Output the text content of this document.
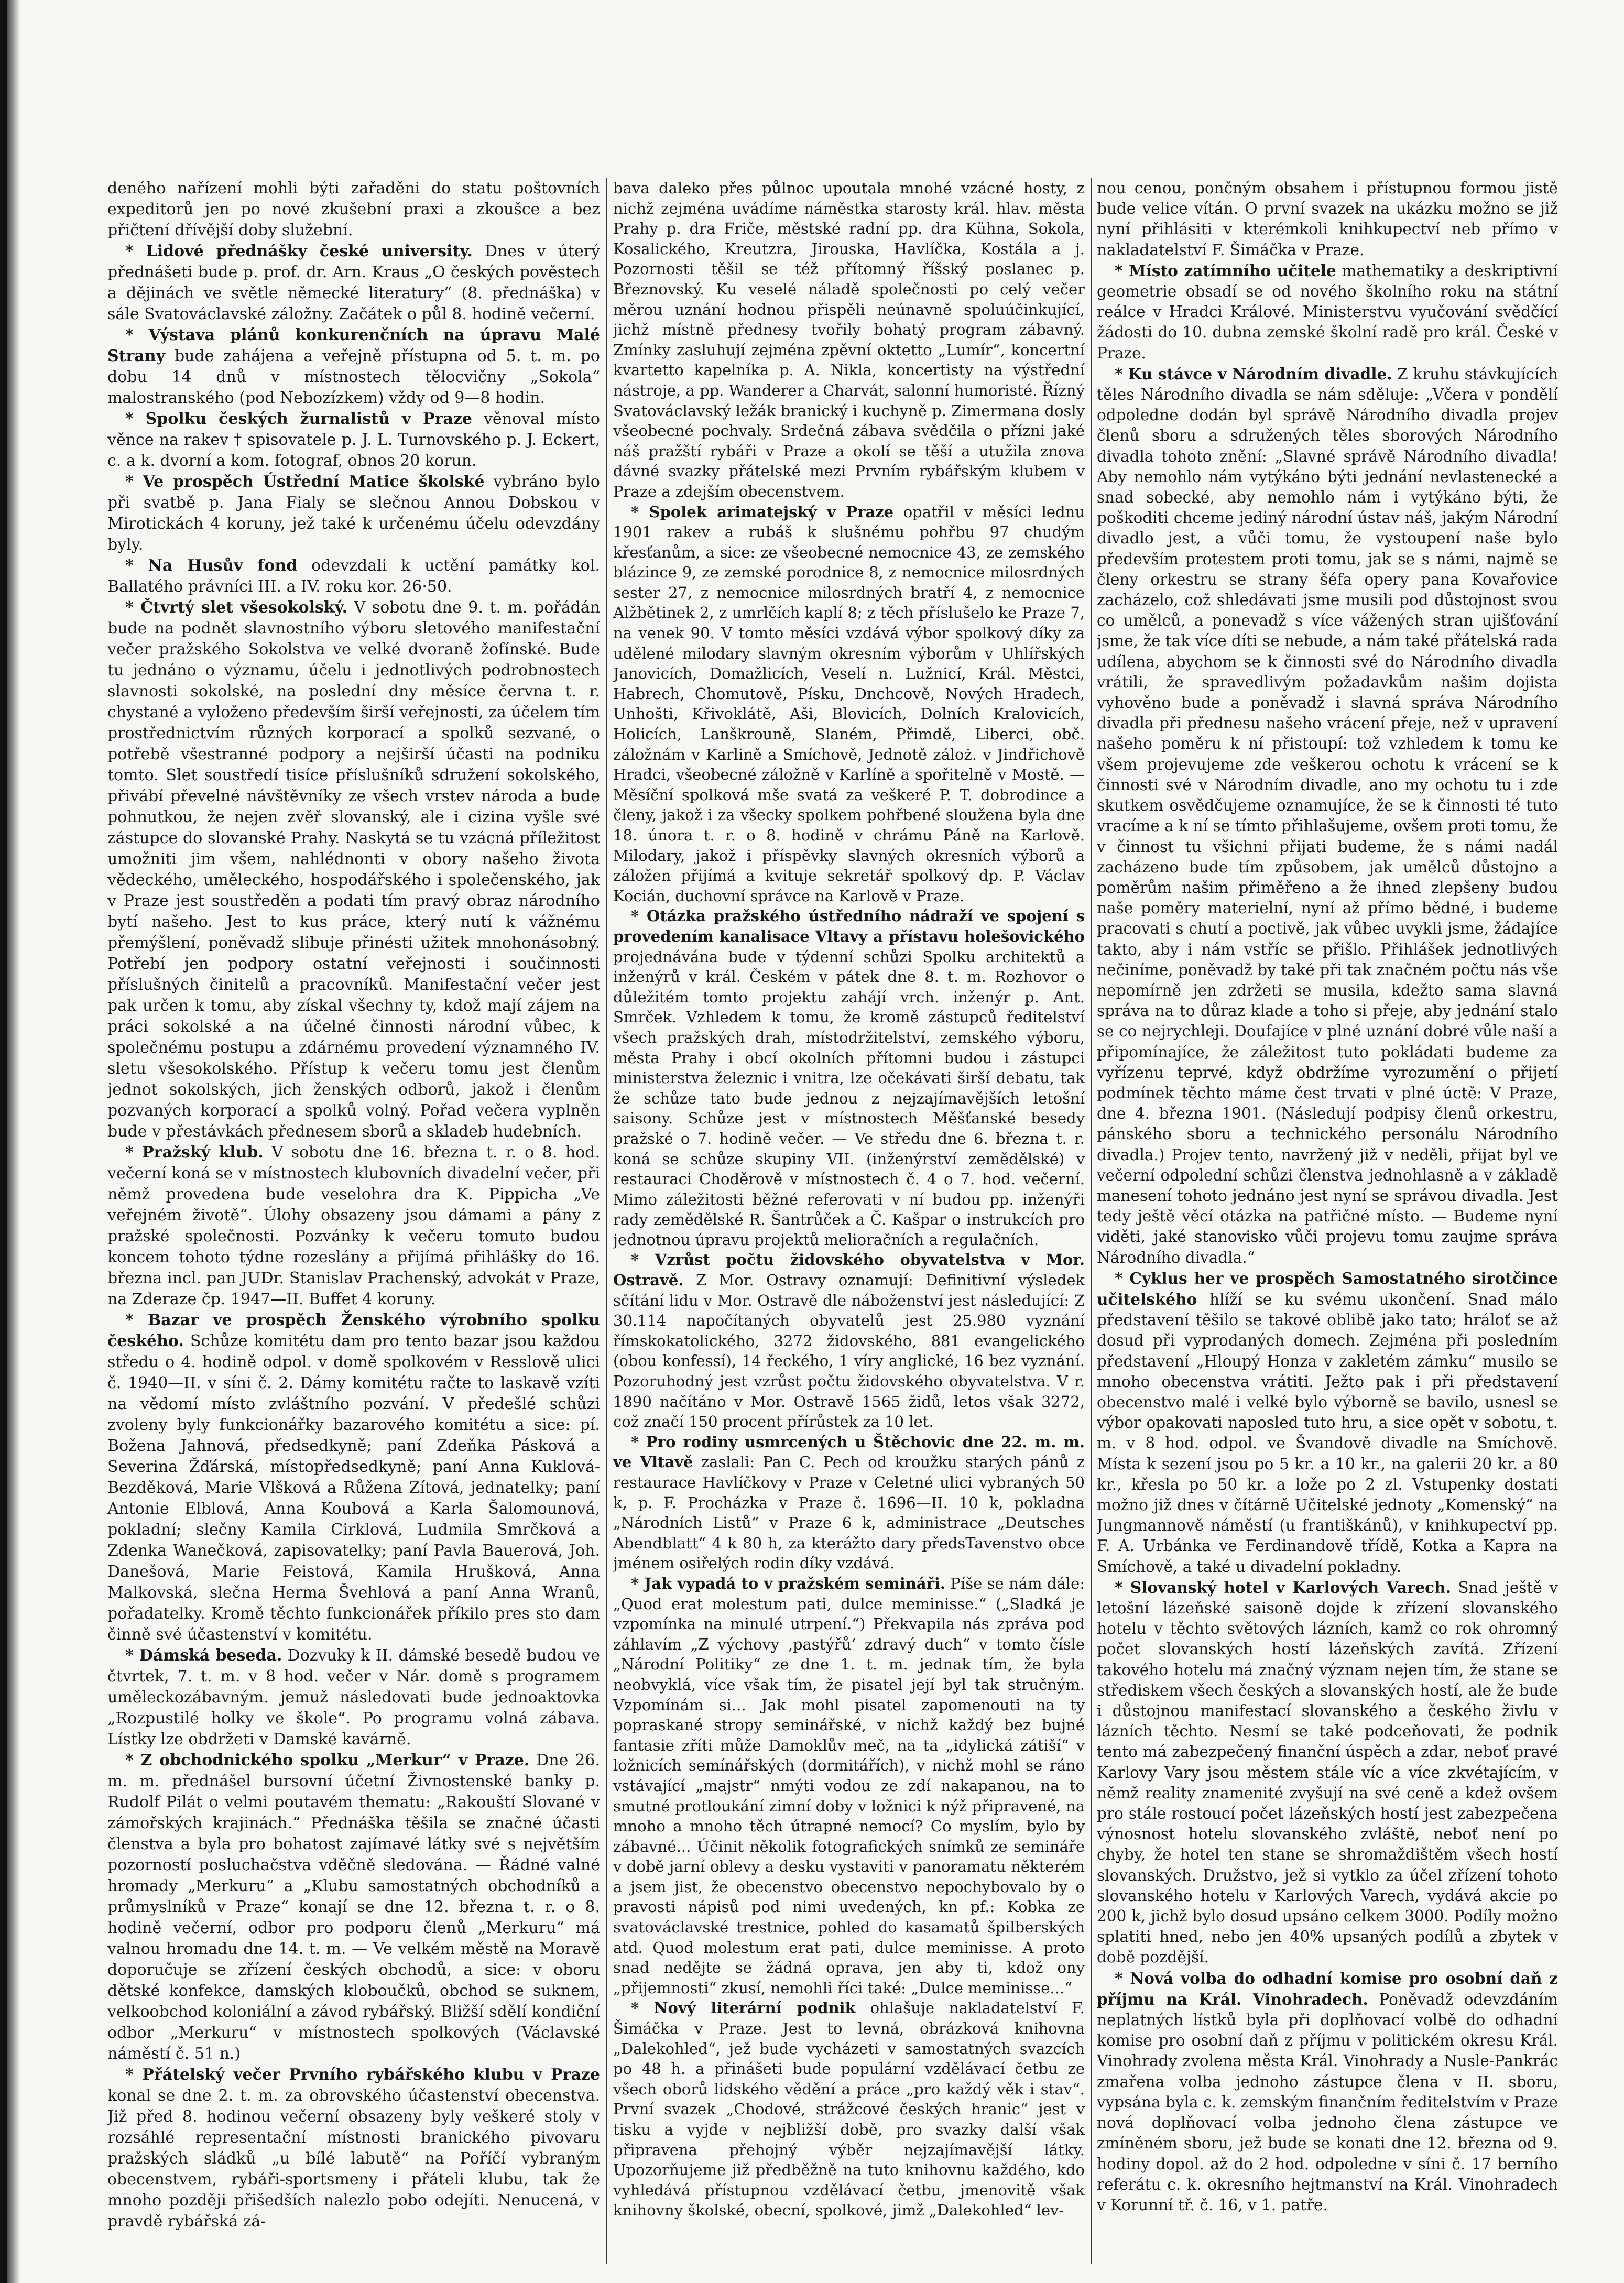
deného nařízení mohli býti zařaděni do statu poštovních expeditorů jen po nové zkušební praxi a zkoušce a bez přičtení dřívější doby služební.

* Lidové přednášky české university. Dnes v úterý přednášeti bude p. prof. dr. Arn. Kraus „O českých pověstech a dějinách ve světle německé literatury“ (8. přednáška) v sále Svatováclavské záložny. Začátek o půl 8. hodině večerní.

* Výstava plánů konkurenčních na úpravu Malé Strany bude zahájena a veřejně přístupna od 5. t. m. po dobu 14 dnů v místnostech tělocvičny „Sokola“ malostranského (pod Nebozízkem) vždy od 9—8 hodin.

* Spolku českých žurnalistů v Praze věnoval místo věnce na rakev † spisovatele p. J. L. Turnovského p. J. Eckert, c. a k. dvorní a kom. fotograf, obnos 20 korun.

* Ve prospěch Ústřední Matice školské vybráno bylo při svatbě p. Jana Fialy se slečnou Annou Dobskou v Mirotickách 4 koruny, jež také k určenému účelu odevzdány byly.

* Na Husův fond odevzdali k uctění památky kol. Ballatého právníci III. a IV. roku kor. 26·50.

* Čtvrtý slet všesokolský. V sobotu dne 9. t. m. pořádán bude na podnět slavnostního výboru sletového manifestační večer pražského Sokolstva ve velké dvoraně žofínské. Bude tu jednáno o významu, účelu i jednotlivých podrobnostech slavnosti sokolské, na poslední dny měsíce června t. r. chystané a vyloženo především širší veřejnosti, za účelem tím prostřednictvím různých korporací a spolků sezvané, o potřebě všestranné podpory a nejširší účasti na podniku tomto. Slet soustředí tisíce příslušníků sdružení sokolského, přivábí převelné návštěvníky ze všech vrstev národa a bude pohnutkou, že nejen zvěř slovanský, ale i cizina vyšle své zástupce do slovanské Prahy. Naskytá se tu vzácná příležitost umožniti jim všem, nahlédnonti v obory našeho života vědeckého, uměleckého, hospodářského i společenského, jak v Praze jest soustředěn a podati tím pravý obraz národního bytí našeho. Jest to kus práce, který nutí k vážnému přemýšlení, poněvadž slibuje přinésti užitek mnohonásobný. Potřebí jen podpory ostatní veřejnosti i součinnosti příslušných činitelů a pracovníků. Manifestační večer jest pak určen k tomu, aby získal všechny ty, kdož mají zájem na práci sokolské a na účelné činnosti národní vůbec, k společnému postupu a zdárnému provedení významného IV. sletu všesokolského. Přístup k večeru tomu jest členům jednot sokolských, jich ženských odborů, jakož i členům pozvaných korporací a spolků volný. Pořad večera vyplněn bude v přestávkách přednesem sborů a skladeb hudebních.

* Pražský klub. V sobotu dne 16. března t. r. o 8. hod. večerní koná se v místnostech klubovních divadelní večer, při němž provedena bude veselohra dra K. Pippicha „Ve veřejném životě“. Úlohy obsazeny jsou dámami a pány z pražské společnosti. Pozvánky k večeru tomuto budou koncem tohoto týdne rozeslány a přijímá přihlášky do 16. března incl. pan JUDr. Stanislav Prachenský, advokát v Praze, na Zderaze čp. 1947—II. Buffet 4 koruny.

* Bazar ve prospěch Ženského výrobního spolku českého. Schůze komitétu dam pro tento bazar jsou každou středu o 4. hodině odpol. v domě spolkovém v Resslově ulici č. 1940—II. v síni č. 2. Dámy komitétu račte to laskavě vzíti na vědomí místo zvláštního pozvání. V předešlé schůzi zvoleny byly funkcionářky bazarového komitétu a sice: pí. Božena Jahnová, předsedkyně; paní Zdeňka Pásková a Severina Žďárská, místopředsedkyně; paní Anna Kuklová-Bezděková, Marie Vlšková a Růžena Zítová, jednatelky; paní Antonie Elblová, Anna Koubová a Karla Šalomounová, pokladní; slečny Kamila Cirklová, Ludmila Smrčková a Zdenka Wanečková, zapisovatelky; paní Pavla Bauerová, Joh. Danešová, Marie Feistová, Kamila Hrušková, Anna Malkovská, slečna Herma Švehlová a paní Anna Wranů, pořadatelky. Kromě těchto funkcionářek příkilo pres sto dam činně své účastenství v komitétu.

* Dámská beseda. Dozvuky k II. dámské besedě budou ve čtvrtek, 7. t. m. v 8 hod. večer v Nár. domě s programem uměleckozábavným. jemuž následovati bude jednoaktovka „Rozpustilé holky ve škole“. Po programu volná zábava. Lístky lze obdržeti v Damské kavárně.

* Z obchodnického spolku „Merkur“ v Praze. Dne 26. m. m. přednášel bursovní účetní Živnostenské banky p. Rudolf Pilát o velmi poutavém thematu: „Rakouští Slované v zámořských krajinách.“ Přednáška těšila se značné účasti členstva a byla pro bohatost zajímavé látky své s největším pozorností posluchačstva vděčně sledována. — Řádné valné hromady „Merkuru“ a „Klubu samostatných obchodníků a průmyslníků v Praze“ konají se dne 12. března t. r. o 8. hodině večerní, odbor pro podporu členů „Merkuru“ má valnou hromadu dne 14. t. m. — Ve velkém městě na Moravě doporučuje se zřízení českých obchodů, a sice: v oboru dětské konfekce, damských kloboučků, obchod se suknem, velkoobchod koloniální a závod rybářský. Bližší sdělí kondiční odbor „Merkuru“ v místnostech spolkových (Václavské náměstí č. 51 n.)

* Přátelský večer Prvního rybářského klubu v Praze konal se dne 2. t. m. za obrovského účastenství obecenstva. Již před 8. hodinou večerní obsazeny byly veškeré stoly v rozsáhlé representační místnosti branického pivovaru pražských sládků „u bílé labutě“ na Poříčí vybraným obecenstvem, rybáři-sportsmeny i přáteli klubu, tak že mnoho později přišedších nalezlo pobo odejíti. Nenucená, v pravdě rybářská zá-

bava daleko přes půlnoc upoutala mnohé vzácné hosty, z nichž zejména uvádíme náměstka starosty král. hlav. města Prahy p. dra Friče, městské radní pp. dra Kühna, Sokola, Kosalického, Kreutzra, Jirouska, Havlíčka, Kostála a j. Pozornosti těšil se též přítomný říšský poslanec p. Březnovský. Ku veselé náladě společnosti po celý večer měrou uznání hodnou přispěli neúnavně spoluúčinkující, jichž místně přednesy tvořily bohatý program zábavný. Zmínky zasluhují zejména zpěvní oktetto „Lumír“, koncertní kvartetto kapelníka p. A. Nikla, koncertisty na výstřední nástroje, a pp. Wanderer a Charvát, salonní humoristé. Řízný Svatováclavský ležák branický i kuchyně p. Zimermana dosly všeobecné pochvaly. Srdečná zábava svědčila o přízni jaké náš pražští rybáři v Praze a okolí se těší a utužila znova dávné svazky přátelské mezi Prvním rybářským klubem v Praze a zdejším obecenstvem.

* Spolek arimatejský v Praze opatřil v měsíci lednu 1901 rakev a rubáš k slušnému pohřbu 97 chudým křesťanům, a sice: ze všeobecné nemocnice 43, ze zemského blázince 9, ze zemské porodnice 8, z nemocnice milosrdných sester 27, z nemocnice milosrdných bratří 4, z nemocnice Alžbětinek 2, z umrlčích kaplí 8; z těch příslušelo ke Praze 7, na venek 90. V tomto měsíci vzdává výbor spolkový díky za udělené milodary slavným okresním výborům v Uhlířských Janovicích, Domažlicích, Veselí n. Lužnicí, Král. Městci, Habrech, Chomutově, Písku, Dnchcově, Nových Hradech, Unhošti, Křivoklátě, Aši, Blovicích, Dolních Kralovicích, Holicích, Lanškrouně, Slaném, Přimdě, Liberci, obč. záložnám v Karlině a Smíchově, Jednotě záloż. v Jindřichově Hradci, všeobecné záložně v Karlíně a spořitelně v Mostě. — Měsíční spolková mše svatá za veškeré P. T. dobrodince a členy, jakož i za všecky spolkem pohřbené sloužena byla dne 18. února t. r. o 8. hodině v chrámu Páně na Karlově. Milodary, jakož i příspěvky slavných okresních výborů a záložen přijímá a kvituje sekretář spolkový dp. P. Václav Kocián, duchovní správce na Karlově v Praze.

* Otázka pražského ústředního nádraží ve spojení s provedením kanalisace Vltavy a přístavu holešovického projednávána bude v týdenní schůzi Spolku architektů a inženýrů v král. Českém v pátek dne 8. t. m. Rozhovor o důležitém tomto projektu zahájí vrch. inženýr p. Ant. Smrček. Vzhledem k tomu, že kromě zástupců ředitelství všech pražských drah, místodržitelství, zemského výboru, města Prahy i obcí okolních přítomni budou i zástupci ministerstva železnic i vnitra, lze očekávati širší debatu, tak že schůze tato bude jednou z nejzajímavějších letošní saisony. Schůze jest v místnostech Měšťanské besedy pražské o 7. hodině večer. — Ve středu dne 6. března t. r. koná se schůze skupiny VII. (inženýrství zemědělské) v restauraci Choděrově v místnostech č. 4 o 7. hod. večerní. Mimo záležitosti běžné referovati v ní budou pp. inženýři rady zemědělské R. Šantrůček a Č. Kašpar o instrukcích pro jednotnou úpravu projektů melioračních a regulačních.

* Vzrůst počtu židovského obyvatelstva v Mor. Ostravě. Z Mor. Ostravy oznamují: Definitivní výsledek sčítání lidu v Mor. Ostravě dle náboženství jest následující: Z 30.114 napočítaných obyvatelů jest 25.980 vyznání římskokatolického, 3272 židovského, 881 evangelického (obou konfessí), 14 řeckého, 1 víry anglické, 16 bez vyznání. Pozoruhodný jest vzrůst počtu židovského obyvatelstva. V r. 1890 načítáno v Mor. Ostravě 1565 židů, letos však 3272, což značí 150 procent přírůstek za 10 let.

* Pro rodiny usmrcených u Štěchovic dne 22. m. m. ve Vltavě zaslali: Pan C. Pech od kroužku starých pánů z restaurace Havlíčkovy v Praze v Celetné ulici vybraných 50 k, p. F. Procházka v Praze č. 1696—II. 10 k, pokladna „Národních Listů“ v Praze 6 k, administrace „Deutsches Abendblatt“ 4 k 80 h, za kterážto dary předsTavenstvo obce jménem osiřelých rodin díky vzdává.

* Jak vypadá to v pražském semináři. Píše se nám dále: „Quod erat molestum pati, dulce meminisse.“ („Sladká je vzpomínka na minulé utrpení.“) Překvapila nás zpráva pod záhlavím „Z výchovy ‚pastýřů‘ zdravý duch“ v tomto čísle „Národní Politiky“ ze dne 1. t. m. jednak tím, že byla neobvyklá, více však tím, že pisatel její byl tak stručným. Vzpomínám si... Jak mohl pisatel zapomenouti na ty popraskané stropy seminářské, v nichž každý bez bujné fantasie zříti může Damoklův meč, na ta „idylická zátiší“ v ložnicích semínářských (dormitářích), v nichž mohl se ráno vstávající „majstr“ nmýti vodou ze zdí nakapanou, na to smutné protloukání zimní doby v ložnici k nýž připravené, na mnoho a mnoho těch útrapné nemocí? Co myslím, bylo by zábavné... Účinit několik fotografických snímků ze semináře v době jarní oblevy a desku vystaviti v panoramatu některém a jsem jist, že obecenstvo obecenstvo nepochybovalo by o pravosti nápisů pod nimi uvedených, kn pf.: Kobka ze svatováclavské trestnice, pohled do kasamatů špilberských atd. Quod molestum erat pati, dulce meminisse. A proto snad nedějte se žádná oprava, jen aby ti, kdož ony „přijemnosti“ zkusí, nemohli říci také: „Dulce meminisse...“

* Nový literární podnik ohlašuje nakladatelství F. Šimáčka v Praze. Jest to levná, obrázková knihovna „Dalekohled“, jež bude vycházeti v samostatných svazcích po 48 h. a přinášeti bude populární vzdělávací četbu ze všech oborů lidského vědění a práce „pro každý věk i stav“. První svazek „Chodové, strážcové českých hranic“ jest v tisku a vyjde v nejbližší době, pro svazky další však připravena přehojný výběr nejzajímavější látky. Upozorňujeme již předběžně na tuto knihovnu každého, kdo vyhledává přístupnou vzdělávací četbu, jmenovitě však knihovny školské, obecní, spolkové, jimž „Dalekohled“ lev-

nou cenou, pončným obsahem i přístupnou formou jistě bude velice vítán. O první svazek na ukázku možno se již nyní přihlásiti v kterémkoli knihkupectví neb přímo v nakladatelství F. Šimáčka v Praze.

* Místo zatímního učitele mathematiky a deskriptivní geometrie obsadí se od nového školního roku na státní reálce v Hradci Králové. Ministerstvu vyučování svědčící žádosti do 10. dubna zemské školní radě pro král. České v Praze.

* Ku stávce v Národním divadle. Z kruhu stávkujících těles Národního divadla se nám sděluje: „Včera v pondělí odpoledne dodán byl správě Národního divadla projev členů sboru a sdružených těles sborových Národního divadla tohoto znění: „Slavné správě Národního divadla! Aby nemohlo nám vytýkáno býti jednání nevlastenecké a snad sobecké, aby nemohlo nám i vytýkáno býti, že poškoditi chceme jediný národní ústav náš, jakým Národní divadlo jest, a vůči tomu, že vystoupení naše bylo především protestem proti tomu, jak se s námi, najmě se členy orkestru se strany šéfa opery pana Kovařovice zacházelo, což shledávati jsme musili pod důstojnost svou co umělců, a ponevadž s více vážených stran ujišťování jsme, že tak více díti se nebude, a nám také přátelská rada udílena, abychom se k činnosti své do Národního divadla vrátili, že spravedlivým požadavkům našim dojista vyhověno bude a poněvadž i slavná správa Národního divadla při přednesu našeho vrácení přeje, než v upravení našeho poměru k ní přistoupí: tož vzhledem k tomu ke všem projevujeme zde veškerou ochotu k vrácení se k činnosti své v Národním divadle, ano my ochotu tu i zde skutkem osvědčujeme oznamujíce, že se k činnosti té tuto vracíme a k ní se tímto přihlašujeme, ovšem proti tomu, že v činnost tu všichni přijati budeme, že s námi nadál zacházeno bude tím způsobem, jak umělců důstojno a poměrům našim přiměřeno a že ihned zlepšeny budou naše poměry materielní, nyní až přímo bědné, i budeme pracovati s chutí a poctivě, jak vůbec uvykli jsme, žádajíce takto, aby i nám vstříc se přišlo. Přihlášek jednotlivých nečiníme, poněvadž by také při tak značném počtu nás vše nepomírně jen zdržeti se musila, kdežto sama slavná správa na to důraz klade a toho si přeje, aby jednání stalo se co nejrychleji. Doufajíce v plné uznání dobré vůle naší a připomínajíce, že záležitost tuto pokládati budeme za vyřízenu teprvé, když obdržíme vyrozumění o přijetí podmínek těchto máme čest trvati v plné úctě: V Praze, dne 4. března 1901. (Následují podpisy členů orkestru, pánského sboru a technického personálu Národního divadla.) Projev tento, navržený již v neděli, přijat byl ve večerní odpolední schůzi členstva jednohlasně a v základě manesení tohoto jednáno jest nyní se správou divadla. Jest tedy ještě věcí otázka na patřičné místo. — Budeme nyní viděti, jaké stanovisko vůči projevu tomu zaujme správa Národního divadla.“

* Cyklus her ve prospěch Samostatného sirotčince učitelského hlíží se ku svému ukončení. Snad málo představení těšilo se takové oblibě jako tato; hráloť se až dosud při vyprodaných domech. Zejména při posledním představení „Hloupý Honza v zakletém zámku“ musilo se mnoho obecenstva vrátiti. Ježto pak i při představení obecenstvo malé i velké bylo výborně se bavilo, usnesl se výbor opakovati naposled tuto hru, a sice opět v sobotu, t. m. v 8 hod. odpol. ve Švandově divadle na Smíchově. Místa k sezení jsou po 5 kr. a 10 kr., na galerii 20 kr. a 80 kr., křesla po 50 kr. a lože po 2 zl. Vstupenky dostati možno již dnes v čítárně Učitelské jednoty „Komenský“ na Jungmannově náměstí (u františkánů), v knihkupectví pp. F. A. Urbánka ve Ferdinandově třídě, Kotka a Kapra na Smíchově, a také u divadelní pokladny.

* Slovanský hotel v Karlových Varech. Snad ještě v letošní lázeňské saisoně dojde k zřízení slovanského hotelu v těchto světových lázních, kamž co rok ohromný počet slovanských hostí lázeňských zavítá. Zřízení takového hotelu má značný význam nejen tím, že stane se střediskem všech českých a slovanských hostí, ale že bude i důstojnou manifestací slovanského a českého živlu v lázních těchto. Nesmí se také podceňovati, že podnik tento má zabezpečený finanční úspěch a zdar, neboť pravé Karlovy Vary jsou městem stále víc a více zkvétajícím, v němž reality znamenité zvyšují na své ceně a kdež ovšem pro stále rostoucí počet lázeňských hostí jest zabezpečena výnosnost hotelu slovanského zvláště, neboť není po chyby, že hotel ten stane se shromaždištěm všech hostí slovanských. Družstvo, jež si vytklo za účel zřízení tohoto slovanského hotelu v Karlových Varech, vydává akcie po 200 k, jichž bylo dosud upsáno celkem 3000. Podíly možno splatiti hned, nebo jen 40% upsaných podílů a zbytek v době pozdější.

* Nová volba do odhadní komise pro osobní daň z příjmu na Král. Vinohradech. Poněvadž odevzdáním neplatných lístků byla při doplňovací volbě do odhadní komise pro osobní daň z příjmu v politickém okresu Král. Vinohrady zvolena města Král. Vinohrady a Nusle-Pankrác zmařena volba jednoho zástupce člena v II. sboru, vypsána byla c. k. zemským finančním ředitelstvím v Praze nová doplňovací volba jednoho člena zástupce ve zmíněném sboru, jež bude se konati dne 12. března od 9. hodiny dopol. až do 2 hod. odpoledne v síni č. 17 berního referátu c. k. okresního hejtmanství na Král. Vinohradech v Korunní tř. č. 16, v 1. patře.
